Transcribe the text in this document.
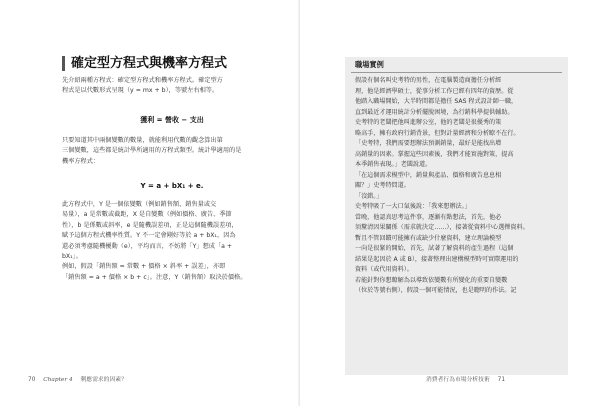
確定型方程式與機率方程式
先介紹兩種方程式：確定型方程式和機率方程式。確定型方
程式是以代數形式呈現（y = mx + b），等號左右相等。
獲利 = 營收 − 支出
只要知道其中兩個變數的數量，就能利用代數的觀念算出第
三個變數，這些都是統計學所適用的方程式類型。統計學適用的是
機率方程式：
Y = a + bX₁ + e.
此方程式中，Y 是一個依變數（例如銷售額、銷售量或交
易量），a 是常數或截距，X 是自變數（例如價格、廣告、季節
性），b 是係數或斜率，e 是隨機誤差項，正是這個隨機誤差項，
賦予這個方程式機率性質。Y 不一定會剛好等於 a + bX₁，因為
還必須考慮隨機擾動（e），平均而言，不妨將「Y」想成「a +
bX₁」。
例如，假設「銷售額 = 常數 + 價格 × 斜率 + 誤差」，亦即
「銷售額 = a + 價格 × b + c」。注意，Y（銷售額）取決於價格。
70 Chapter 4 剩應需求的因素？
職場實例
假設有個名叫史考特的男性，在電腦製造商擔任分析經
理，他是經濟學碩士，從事分析工作已經有四年的資歷。從
他踏入職場開始，大半時間都是擔任 SAS 程式設計師一職，
直到最近才運用統計分析擺脫困境，為行銷科學提供輔助。
史考特的老闆把他叫進辦公室，他的老闆是很優秀的策
略高手，擁有政府行銷背景，但對計量經濟和分析瞭不在行。
「史考特，我們需要想辦法預測銷量，最好是能找出增
高銷量的因素。掌握這些因素後，我們才能實施對策，提高
本季銷售表現。」老闆說道。
「在這個需求模型中，銷量與產品、價格和廣告息息相
關？」史考特問道。
「沒錯。」
史考特吸了一大口氣後說：「我來想辦法。」
當晚，他認真思考這件事，逐漸有點想法，首先，他必
須釐清因果關係（需求就決定……），接著從資料中心選擇資料。
暫且不管回饋可能擁有或缺少什麼資料，建立理論模型
一向是很緊的開始，首先，試著了解資料的產生過程（這個
結果是起因於 A 或 B），接著整理出建構模型時可實際運用的
資料（或代用資料）。
若能針對你想瞭解為以導致依變數有所變化的重要自變數
（位於等號右側），假設一個可能情況，也是聰明的作法。記
消費者行為市場分析技術 71
